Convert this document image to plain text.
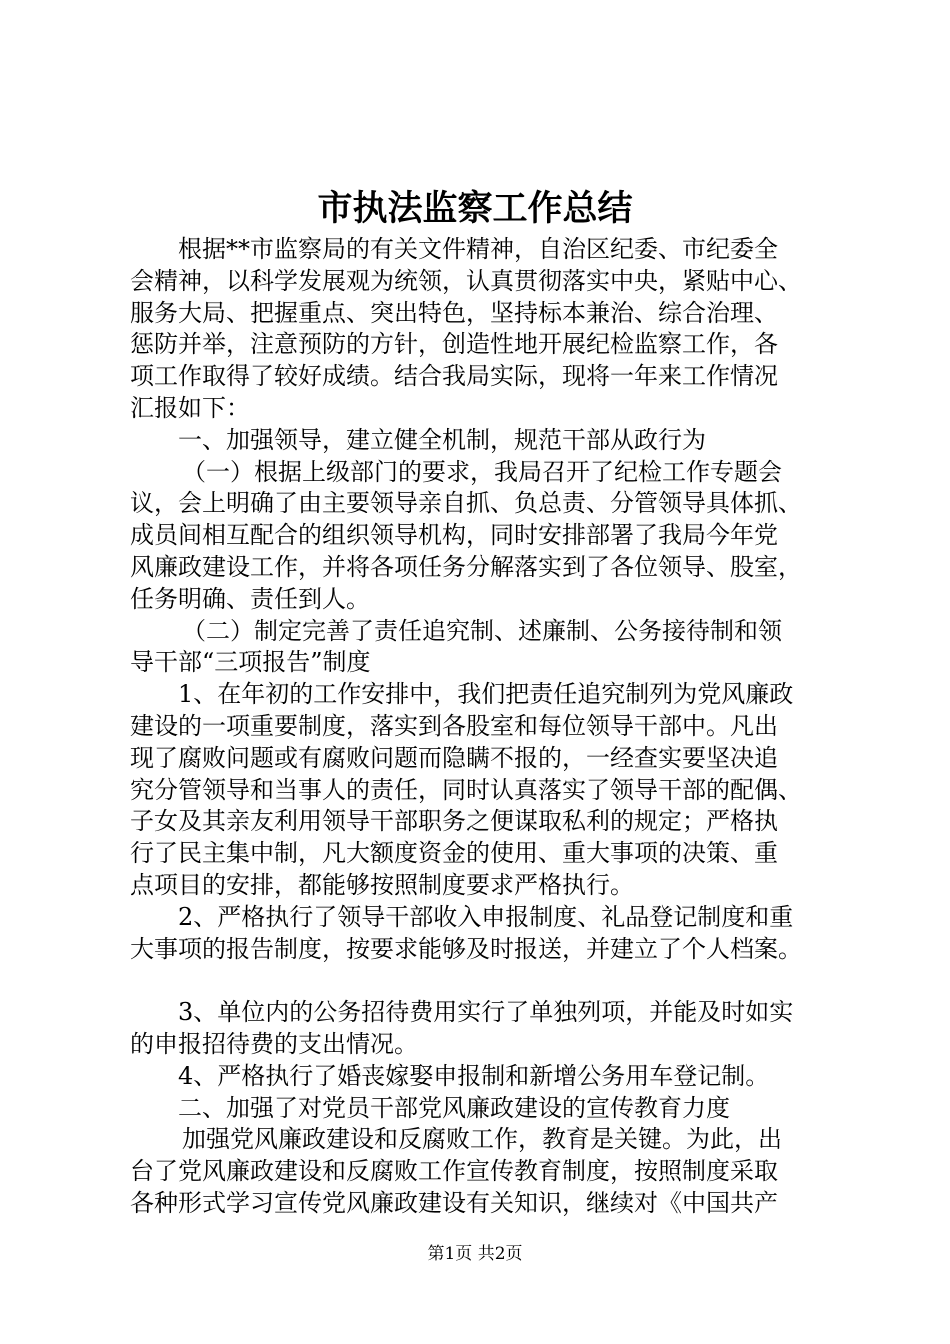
市执法监察工作总结
根据**市监察局的有关文件精神，自治区纪委、市纪委全
会精神，以科学发展观为统领，认真贯彻落实中央，紧贴中心、
服务大局、把握重点、突出特色，坚持标本兼治、综合治理、
惩防并举，注意预防的方针，创造性地开展纪检监察工作，各
项工作取得了较好成绩。结合我局实际，现将一年来工作情况
汇报如下：
一、加强领导，建立健全机制，规范干部从政行为
（一）根据上级部门的要求，我局召开了纪检工作专题会
议，会上明确了由主要领导亲自抓、负总责、分管领导具体抓、
成员间相互配合的组织领导机构，同时安排部署了我局今年党
风廉政建设工作，并将各项任务分解落实到了各位领导、股室，
任务明确、责任到人。
（二）制定完善了责任追究制、述廉制、公务接待制和领
导干部“三项报告”制度
1、在年初的工作安排中，我们把责任追究制列为党风廉政
建设的一项重要制度，落实到各股室和每位领导干部中。凡出
现了腐败问题或有腐败问题而隐瞒不报的，一经查实要坚决追
究分管领导和当事人的责任，同时认真落实了领导干部的配偶、
子女及其亲友利用领导干部职务之便谋取私利的规定；严格执
行了民主集中制，凡大额度资金的使用、重大事项的决策、重
点项目的安排，都能够按照制度要求严格执行。
2、严格执行了领导干部收入申报制度、礼品登记制度和重
大事项的报告制度，按要求能够及时报送，并建立了个人档案。
3、单位内的公务招待费用实行了单独列项，并能及时如实
的申报招待费的支出情况。
4、严格执行了婚丧嫁娶申报制和新增公务用车登记制。
二、加强了对党员干部党风廉政建设的宣传教育力度
加强党风廉政建设和反腐败工作，教育是关键。为此，出
台了党风廉政建设和反腐败工作宣传教育制度，按照制度采取
各种形式学习宣传党风廉政建设有关知识，继续对《中国共产
第1页 共2页
